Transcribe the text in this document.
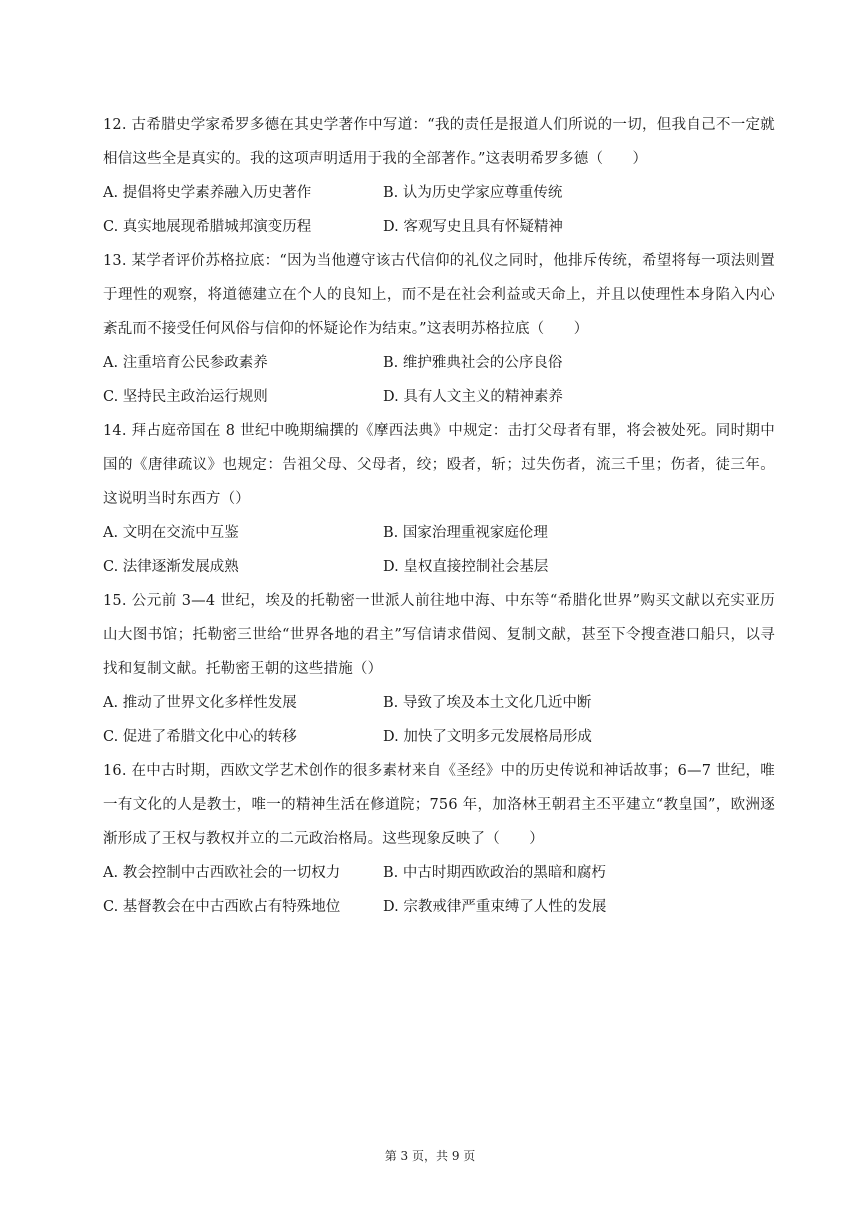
12. 古希腊史学家希罗多德在其史学著作中写道：“我的责任是报道人们所说的一切，但我自己不一定就相信这些全是真实的。我的这项声明适用于我的全部著作。”这表明希罗多德（　　）

A. 提倡将史学素养融入历史著作	B. 认为历史学家应尊重传统
C. 真实地展现希腊城邦演变历程	D. 客观写史且具有怀疑精神

13. 某学者评价苏格拉底：“因为当他遵守该古代信仰的礼仪之同时，他排斥传统，希望将每一项法则置于理性的观察，将道德建立在个人的良知上，而不是在社会利益或天命上，并且以使理性本身陷入内心紊乱而不接受任何风俗与信仰的怀疑论作为结束。”这表明苏格拉底（　　）

A. 注重培育公民参政素养	B. 维护雅典社会的公序良俗
C. 坚持民主政治运行规则	D. 具有人文主义的精神素养

14. 拜占庭帝国在 8 世纪中晚期编撰的《摩西法典》中规定：击打父母者有罪，将会被处死。同时期中国的《唐律疏议》也规定：告祖父母、父母者，绞；殴者，斩；过失伤者，流三千里；伤者，徒三年。这说明当时东西方（）

A. 文明在交流中互鉴	B. 国家治理重视家庭伦理
C. 法律逐渐发展成熟	D. 皇权直接控制社会基层

15. 公元前 3—4 世纪，埃及的托勒密一世派人前往地中海、中东等“希腊化世界”购买文献以充实亚历山大图书馆；托勒密三世给“世界各地的君主”写信请求借阅、复制文献，甚至下令搜查港口船只，以寻找和复制文献。托勒密王朝的这些措施（）

A. 推动了世界文化多样性发展	B. 导致了埃及本土文化几近中断
C. 促进了希腊文化中心的转移	D. 加快了文明多元发展格局形成

16. 在中古时期，西欧文学艺术创作的很多素材来自《圣经》中的历史传说和神话故事；6—7 世纪，唯一有文化的人是教士，唯一的精神生活在修道院；756 年，加洛林王朝君主丕平建立“教皇国”，欧洲逐渐形成了王权与教权并立的二元政治格局。这些现象反映了（　　）

A. 教会控制中古西欧社会的一切权力	B. 中古时期西欧政治的黑暗和腐朽
C. 基督教会在中古西欧占有特殊地位	D. 宗教戒律严重束缚了人性的发展
第 3 页，共 9 页
